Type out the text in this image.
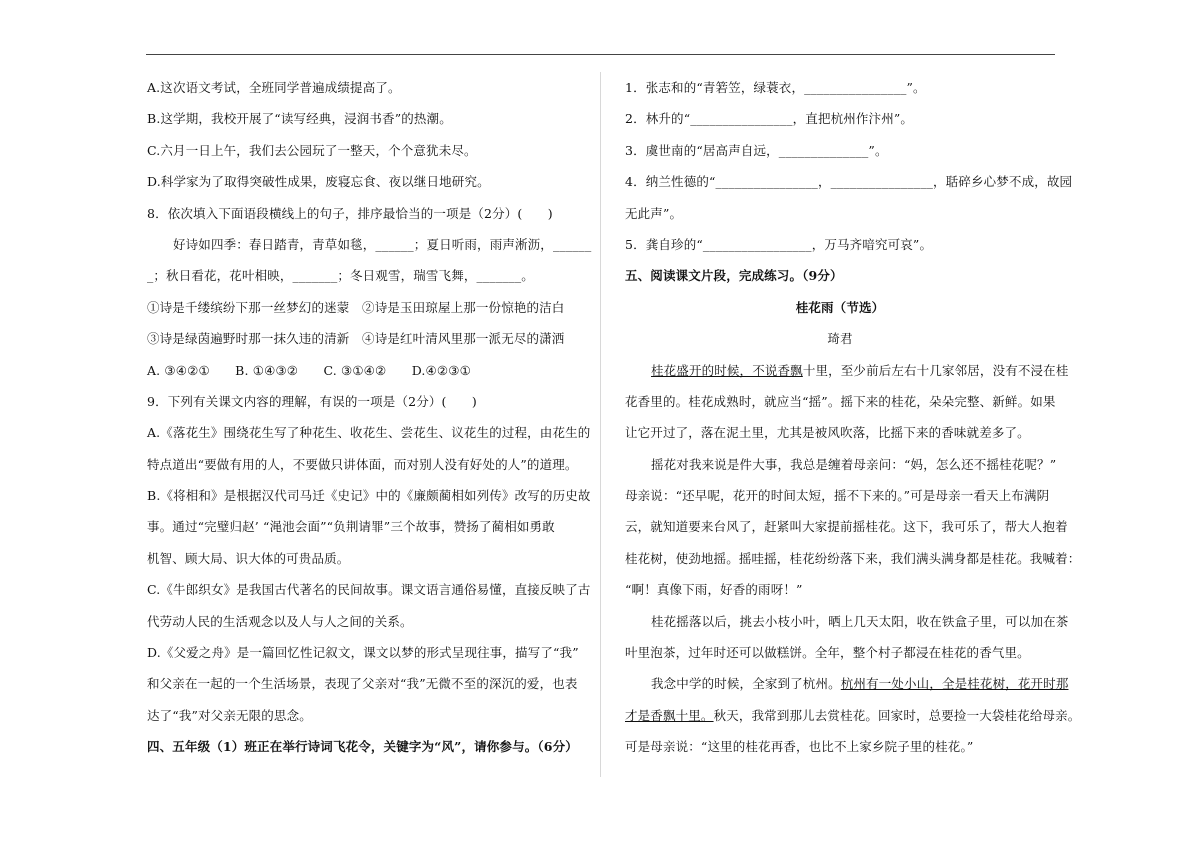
A.这次语文考试，全班同学普遍成绩提高了。
B.这学期，我校开展了“读写经典，浸润书香”的热潮。
C.六月一日上午，我们去公园玩了一整天，个个意犹未尽。
D.科学家为了取得突破性成果，废寝忘食、夜以继日地研究。
8．依次填入下面语段横线上的句子，排序最恰当的一项是（2分）(　　)
好诗如四季：春日踏青，青草如毯，______；夏日听雨，雨声淅沥，______
_；秋日看花，花叶相映，_______；冬日观雪，瑞雪飞舞，_______。
①诗是千缕缤纷下那一丝梦幻的迷蒙　②诗是玉田琼屋上那一份惊艳的洁白
③诗是绿茵遍野时那一抹久违的清新　④诗是红叶清风里那一派无尽的潇洒
A. ③④②①　　B. ①④③②　　C. ③①④②　　D.④②③①
9．下列有关课文内容的理解，有误的一项是（2分）(　　)
A.《落花生》围绕花生写了种花生、收花生、尝花生、议花生的过程，由花生的
特点道出“要做有用的人，不要做只讲体面，而对别人没有好处的人”的道理。
B.《将相和》是根据汉代司马迁《史记》中的《廉颇蔺相如列传》改写的历史故
事。通过“完璧归赵’ “渑池会面”“负荆请罪”三个故事，赞扬了蔺相如勇敢
机智、顾大局、识大体的可贵品质。
C.《牛郎织女》是我国古代著名的民间故事。课文语言通俗易懂，直接反映了古
代劳动人民的生活观念以及人与人之间的关系。
D.《父爱之舟》是一篇回忆性记叙文，课文以梦的形式呈现往事，描写了“我”
和父亲在一起的一个生活场景，表现了父亲对“我”无微不至的深沉的爱，也表
达了“我”对父亲无限的思念。
四、五年级（1）班正在举行诗词飞花令，关键字为“风”，请你参与。（6分）
1．张志和的“青箬笠，绿蓑衣，________________”。
2．林升的“________________，直把杭州作汴州”。
3．虞世南的“居高声自远，______________”。
4．纳兰性德的“________________，________________，聒碎乡心梦不成，故园
无此声”。
5．龚自珍的“_________________，万马齐喑究可哀”。
五、阅读课文片段，完成练习。（9分）
桂花雨（节选）
琦君
桂花盛开的时候，不说香飘十里，至少前后左右十几家邻居，没有不浸在桂
花香里的。桂花成熟时，就应当“摇”。摇下来的桂花，朵朵完整、新鲜。如果
让它开过了，落在泥土里，尤其是被风吹落，比摇下来的香味就差多了。
摇花对我来说是件大事，我总是缠着母亲问：“妈，怎么还不摇桂花呢？”
母亲说：“还早呢，花开的时间太短，摇不下来的。”可是母亲一看天上布满阴
云，就知道要来台风了，赶紧叫大家提前摇桂花。这下，我可乐了，帮大人抱着
桂花树，使劲地摇。摇哇摇，桂花纷纷落下来，我们满头满身都是桂花。我喊着：
“啊！真像下雨，好香的雨呀！”
桂花摇落以后，挑去小枝小叶，晒上几天太阳，收在铁盒子里，可以加在茶
叶里泡茶，过年时还可以做糕饼。全年，整个村子都浸在桂花的香气里。
我念中学的时候，全家到了杭州。杭州有一处小山，全是桂花树，花开时那
才是香飘十里。秋天，我常到那儿去赏桂花。回家时，总要捡一大袋桂花给母亲。
可是母亲说：“这里的桂花再香，也比不上家乡院子里的桂花。”
